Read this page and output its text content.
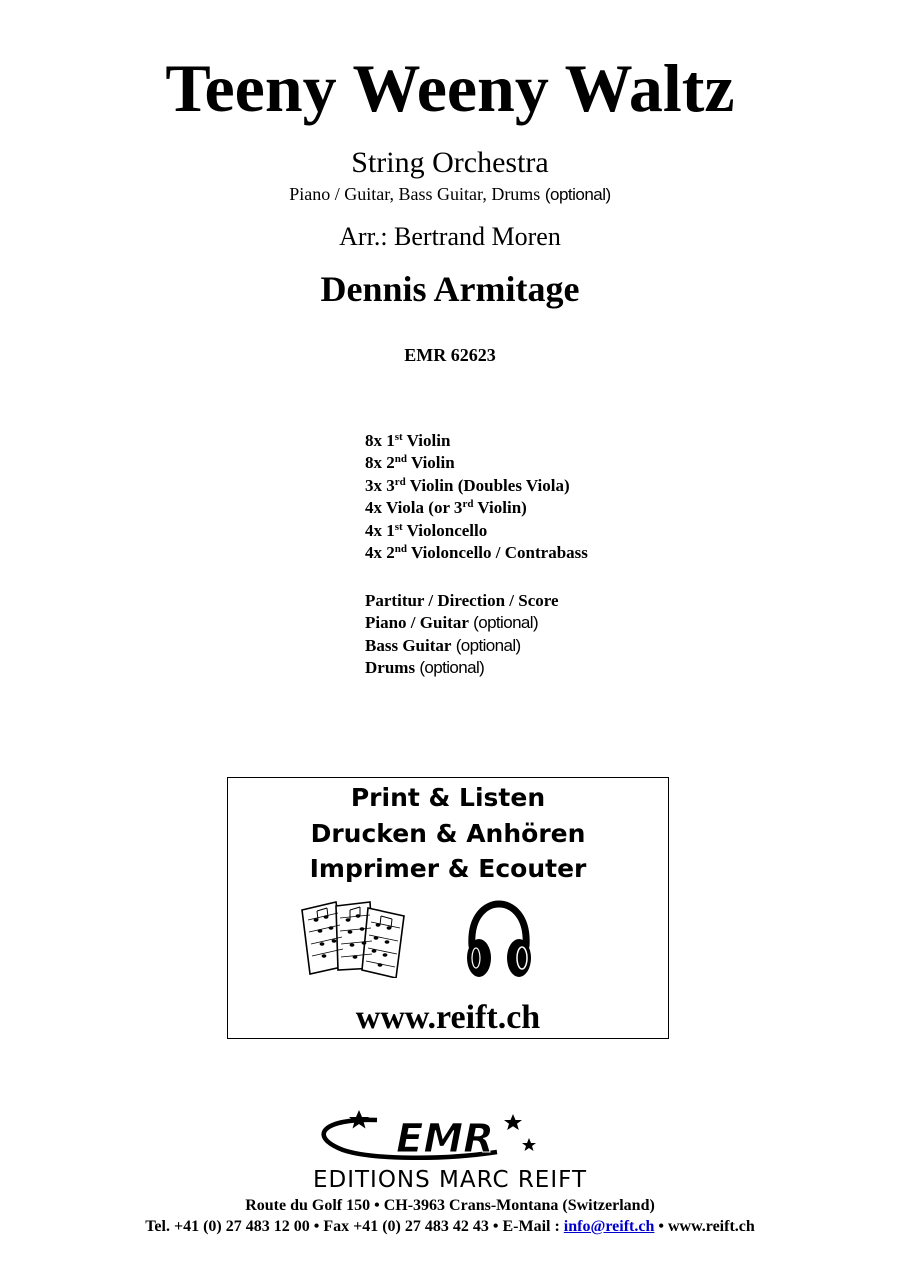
Teeny Weeny Waltz
String Orchestra
Piano / Guitar, Bass Guitar, Drums (optional)
Arr.: Bertrand Moren
Dennis Armitage
EMR 62623
8x 1st Violin
8x 2nd Violin
3x 3rd Violin (Doubles Viola)
4x Viola (or 3rd Violin)
4x 1st Violoncello
4x 2nd Violoncello / Contrabass
Partitur / Direction / Score
Piano / Guitar (optional)
Bass Guitar (optional)
Drums (optional)
Print & Listen
Drucken & Anhören
Imprimer & Ecouter
www.reift.ch
EMR
EDITIONS MARC REIFT
Route du Golf 150 • CH-3963 Crans-Montana (Switzerland)
Tel. +41 (0) 27 483 12 00 • Fax +41 (0) 27 483 42 43 • E-Mail : info@reift.ch • www.reift.ch
